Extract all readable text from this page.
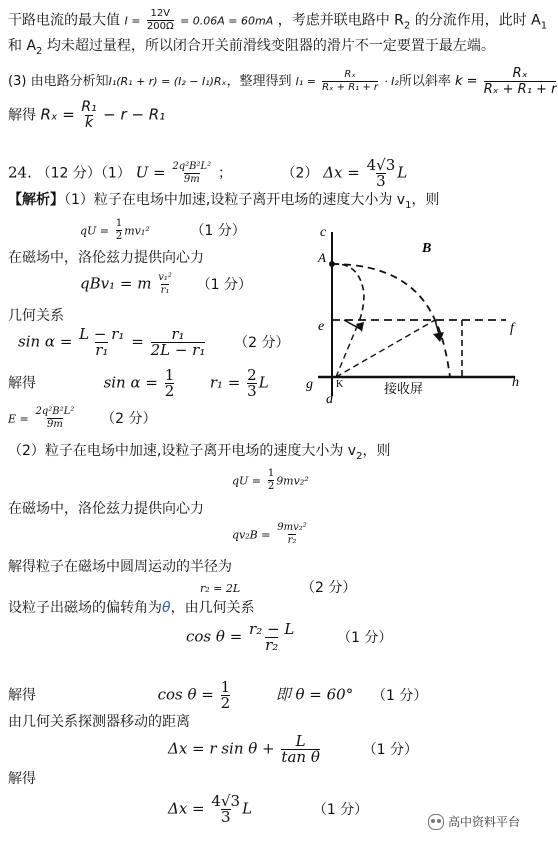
干路电流的最大值 $I = \frac{12V}{200\Omega} = 0.06A = 60mA$ ，考虑并联电路中 $R_2$ 的分流作用，此时 $A_1$
和 $A_2$ 均未超过量程，所以闭合开关前滑线变阻器的滑片不一定要置于最左端。
(3) 由电路分析知I₁(R₁ + r) = (I₂ − I₁)Rₓ，整理得到 $I_1 = \frac{\text{Rₓ}}{\text{Rₓ + R₁ + r}} \cdot I_2$所以斜率 $k = \frac{\text{Rₓ}}{\text{Rₓ + R₁ + r}}$
解得 $R_x = \frac{\text{R₁}}{k} - r - R_1$
24. （12 分）（1） $U = \frac{\text{2q²B²L²}}{9m}$ ；	（2） $\Delta x = \frac{4√3}{3}$ L
【解析】（1）粒子在电场中加速,设粒子离开电场的速度大小为 $v_1$，则
qU = $\frac{1}{2} mv_1^2$	（1 分）
在磁场中，洛伦兹力提供向心力
qBv₁ = m $\frac{\text{v₁²}}{\text{r₁}} (1$ 分）
几何关系
$\sin \alpha = \frac{\text{L − r₁}}{\text{r₁}} = \frac{\text{r₁}}{\text{2L − r₁}} (2$ 分）
解得	$\sin \alpha = \frac{1}{2} r_1 = \frac{2}{3}$ L
$E = \frac{\text{2q²B²L²}}{9m} (2$ 分）
（2）粒子在电场中加速,设粒子离开电场的速度大小为 $v_2$，则
qU = $\frac{1}{2} 9mv_2^2$
在磁场中，洛伦兹力提供向心力
$qv_2B = \frac{\text{9mv₂²}}{\text{r₂}}$
解得粒子在磁场中圆周运动的半径为
r₂ = 2L	（2 分）
设粒子出磁场的偏转角为θ，由几何关系
$\cos \theta = \frac{\text{r₂ − L}}{\text{r₂}}$	（1 分）
解得	$\cos \theta = \frac{1}{2}$	即 θ = 60° （1 分）
由几何关系探测器移动的距离
Δx = r $\sin \theta + \frac{L}{\text{tan θ}}$	（1 分）
解得
$\Delta x = \frac{4√3}{3}$ L	（1 分）
c
B
A
e	f
g K	h
d
接收屏
高中资料平台
